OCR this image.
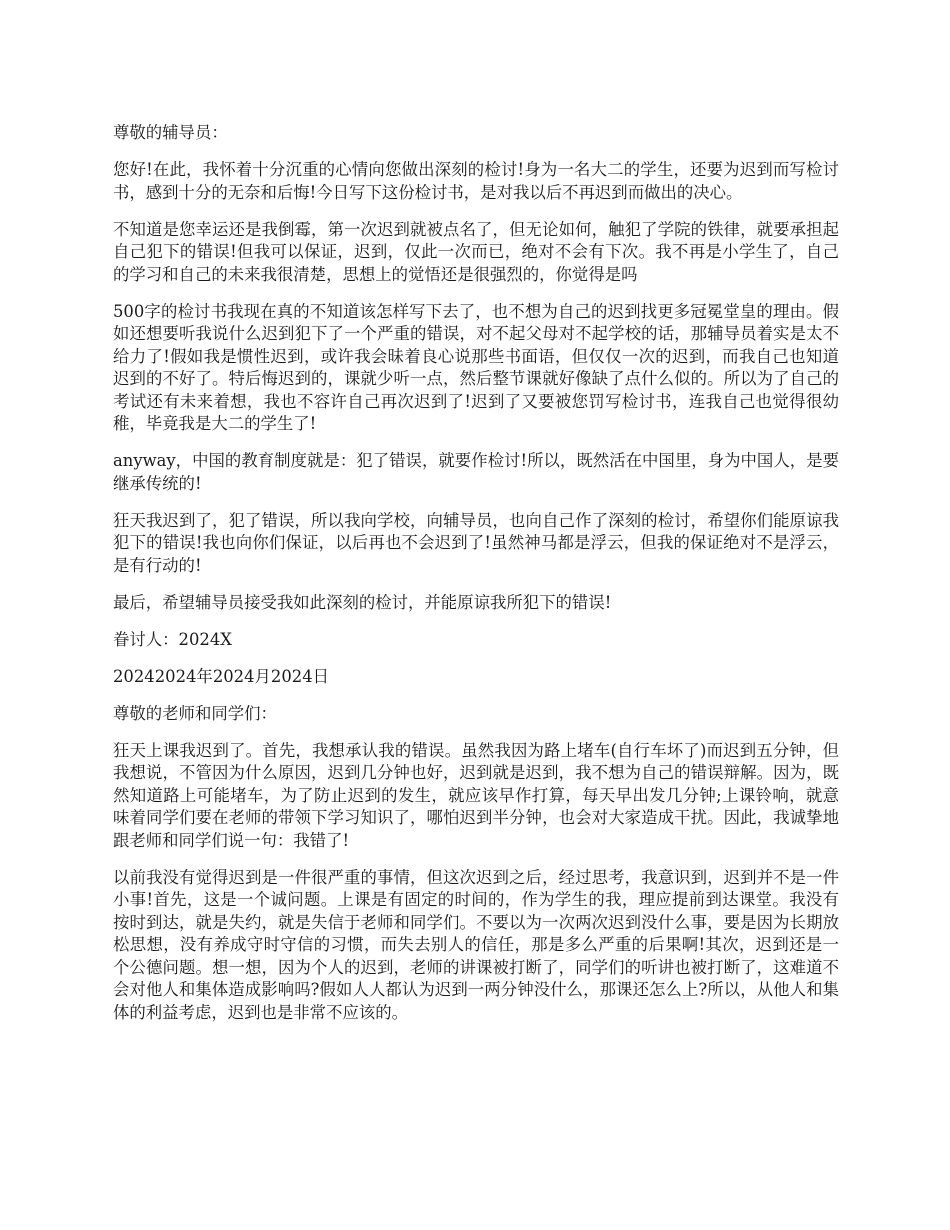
尊敬的辅导员：

您好!在此，我怀着十分沉重的心情向您做出深刻的检讨!身为一名大二的学生，还要为迟到而写检讨书，感到十分的无奈和后悔!今日写下这份检讨书，是对我以后不再迟到而做出的决心。

不知道是您幸运还是我倒霉，第一次迟到就被点名了，但无论如何，触犯了学院的铁律，就要承担起自己犯下的错误!但我可以保证，迟到，仅此一次而已，绝对不会有下次。我不再是小学生了，自己的学习和自己的未来我很清楚，思想上的觉悟还是很强烈的，你觉得是吗

500字的检讨书我现在真的不知道该怎样写下去了，也不想为自己的迟到找更多冠冕堂皇的理由。假如还想要听我说什么迟到犯下了一个严重的错误，对不起父母对不起学校的话，那辅导员着实是太不给力了!假如我是惯性迟到，或许我会昧着良心说那些书面语，但仅仅一次的迟到，而我自己也知道迟到的不好了。特后悔迟到的，课就少听一点，然后整节课就好像缺了点什么似的。所以为了自己的考试还有未来着想，我也不容许自己再次迟到了!迟到了又要被您罚写检讨书，连我自己也觉得很幼稚，毕竟我是大二的学生了!

anyway，中国的教育制度就是：犯了错误，就要作检讨!所以，既然活在中国里，身为中国人，是要继承传统的!

狂天我迟到了，犯了错误，所以我向学校，向辅导员，也向自己作了深刻的检讨，希望你们能原谅我犯下的错误!我也向你们保证，以后再也不会迟到了!虽然神马都是浮云，但我的保证绝对不是浮云，是有行动的!

最后，希望辅导员接受我如此深刻的检讨，并能原谅我所犯下的错误!

眷讨人：2024X

20242024年2024月2024日

尊敬的老师和同学们：

狂天上课我迟到了。首先，我想承认我的错误。虽然我因为路上堵车(自行车坏了)而迟到五分钟，但我想说，不管因为什么原因，迟到几分钟也好，迟到就是迟到，我不想为自己的错误辩解。因为，既然知道路上可能堵车，为了防止迟到的发生，就应该早作打算，每天早出发几分钟;上课铃响，就意味着同学们要在老师的带领下学习知识了，哪怕迟到半分钟，也会对大家造成干扰。因此，我诚挚地跟老师和同学们说一句：我错了!

以前我没有觉得迟到是一件很严重的事情，但这次迟到之后，经过思考，我意识到，迟到并不是一件小事!首先，这是一个诚问题。上课是有固定的时间的，作为学生的我，理应提前到达课堂。我没有按时到达，就是失约，就是失信于老师和同学们。不要以为一次两次迟到没什么事，要是因为长期放松思想，没有养成守时守信的习惯，而失去别人的信任，那是多么严重的后果啊!其次，迟到还是一个公德问题。想一想，因为个人的迟到，老师的讲课被打断了，同学们的听讲也被打断了，这难道不会对他人和集体造成影响吗?假如人人都认为迟到一两分钟没什么，那课还怎么上?所以，从他人和集体的利益考虑，迟到也是非常不应该的。
